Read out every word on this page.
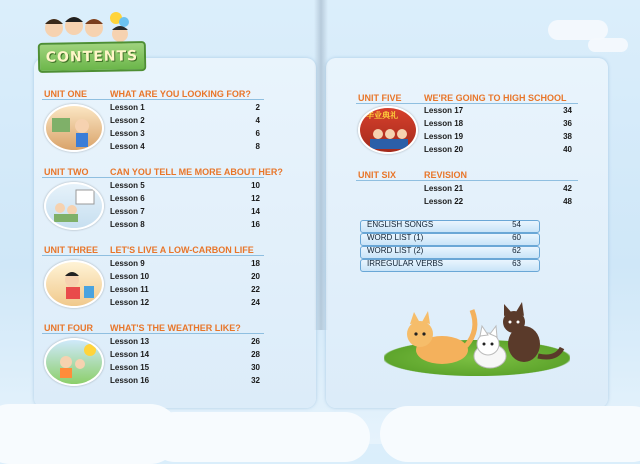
CONTENTS
UNIT ONE	WHAT ARE YOU LOOKING FOR?
Lesson 1	2
Lesson 2	4
Lesson 3	6
Lesson 4	8
UNIT TWO CAN YOU TELL ME MORE ABOUT HER?
Lesson 5	10
Lesson 6	12
Lesson 7	14
Lesson 8	16
UNIT THREE LET'S LIVE A LOW-CARBON LIFE
Lesson 9	18
Lesson 10	20
Lesson 11	22
Lesson 12	24
UNIT FOUR WHAT'S THE WEATHER LIKE?
Lesson 13	26
Lesson 14	28
Lesson 15	30
Lesson 16	32
UNIT FIVE WE'RE GOING TO HIGH SCHOOL
毕业典礼
Lesson 17	34
Lesson 18	36
Lesson 19	38
Lesson 20	40
UNIT SIX	REVISION
Lesson 21	42
Lesson 22	48
ENGLISH SONGS	54
WORD LIST (1)	60
WORD LIST (2)	62
IRREGULAR VERBS	63
